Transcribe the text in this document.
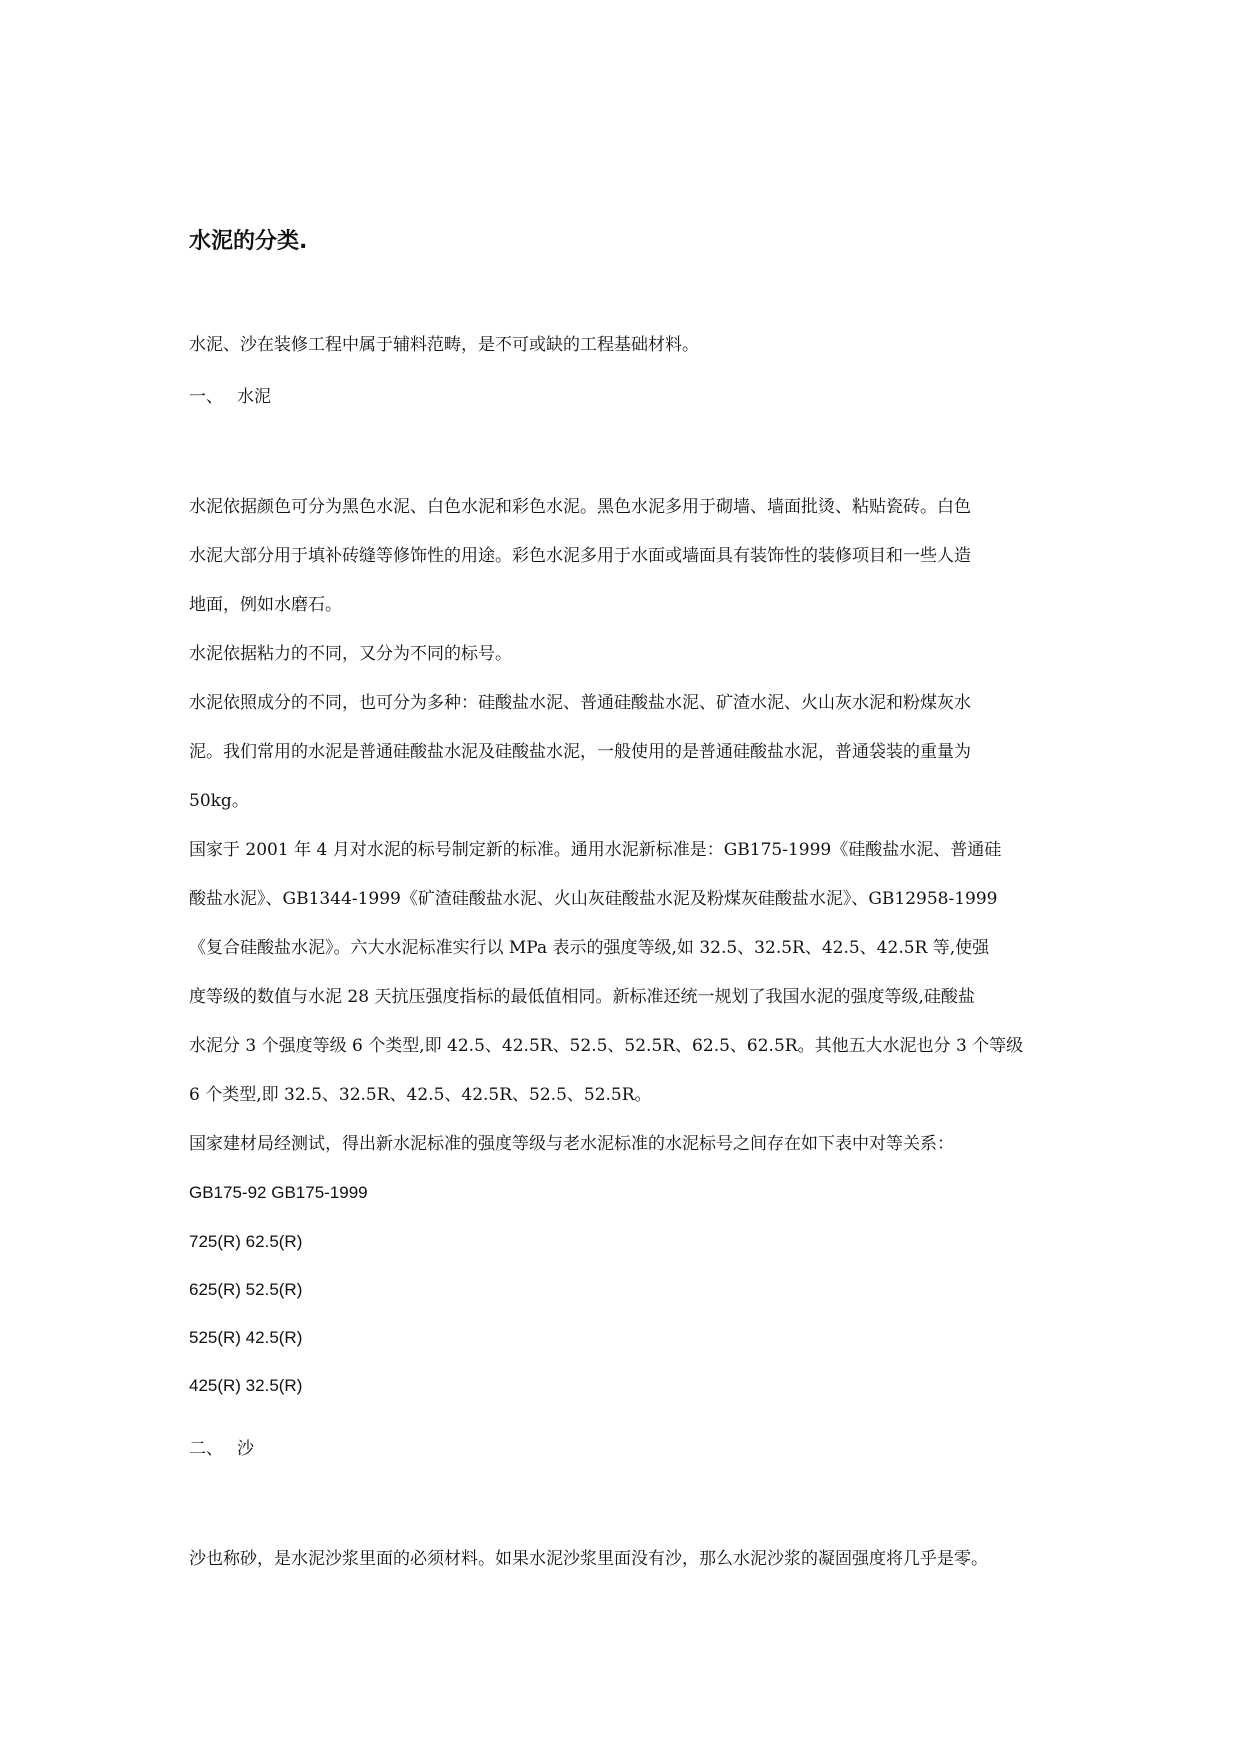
水泥的分类.

水泥、沙在装修工程中属于辅料范畴，是不可或缺的工程基础材料。

一、 水泥

水泥依据颜色可分为黑色水泥、白色水泥和彩色水泥。黑色水泥多用于砌墙、墙面批烫、粘贴瓷砖。白色

水泥大部分用于填补砖缝等修饰性的用途。彩色水泥多用于水面或墙面具有装饰性的装修项目和一些人造

地面，例如水磨石。

水泥依据粘力的不同，又分为不同的标号。

水泥依照成分的不同，也可分为多种：硅酸盐水泥、普通硅酸盐水泥、矿渣水泥、火山灰水泥和粉煤灰水

泥。我们常用的水泥是普通硅酸盐水泥及硅酸盐水泥，一般使用的是普通硅酸盐水泥，普通袋装的重量为

50kg。

国家于 2001 年 4 月对水泥的标号制定新的标准。通用水泥新标准是：GB175-1999《硅酸盐水泥、普通硅

酸盐水泥》、GB1344-1999《矿渣硅酸盐水泥、火山灰硅酸盐水泥及粉煤灰硅酸盐水泥》、GB12958-1999

《复合硅酸盐水泥》。六大水泥标准实行以 MPa 表示的强度等级,如 32.5、32.5R、42.5、42.5R 等,使强

度等级的数值与水泥 28 天抗压强度指标的最低值相同。新标准还统一规划了我国水泥的强度等级,硅酸盐

水泥分 3 个强度等级 6 个类型,即 42.5、42.5R、52.5、52.5R、62.5、62.5R。其他五大水泥也分 3 个等级

6 个类型,即 32.5、32.5R、42.5、42.5R、52.5、52.5R。

国家建材局经测试，得出新水泥标准的强度等级与老水泥标准的水泥标号之间存在如下表中对等关系：

GB175-92 GB175-1999

725(R) 62.5(R)

625(R) 52.5(R)

525(R) 42.5(R)

425(R) 32.5(R)

二、 沙

沙也称砂，是水泥沙浆里面的必须材料。如果水泥沙浆里面没有沙，那么水泥沙浆的凝固强度将几乎是零。
